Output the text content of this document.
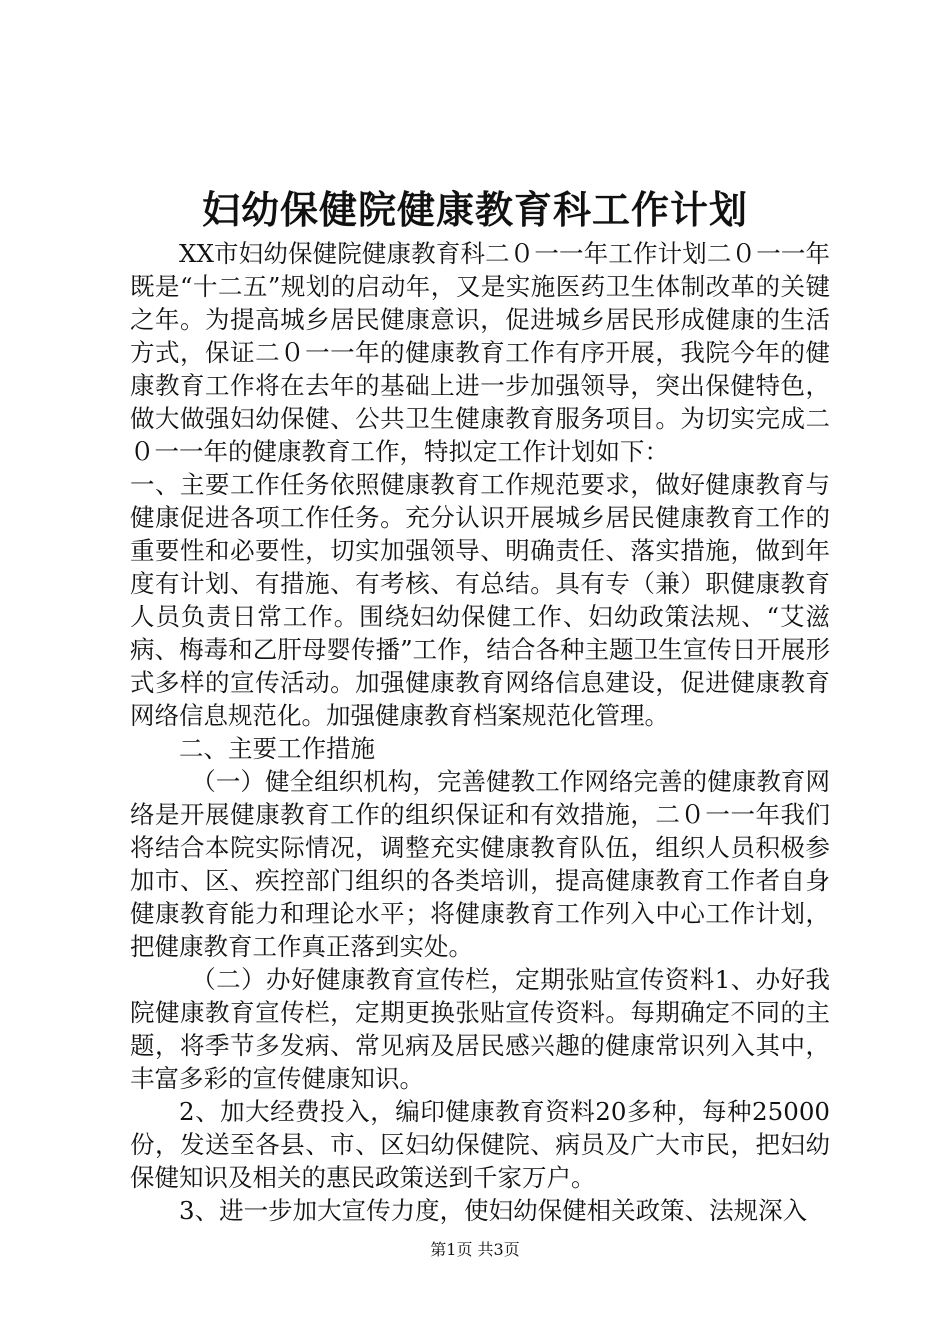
妇幼保健院健康教育科工作计划

XX市妇幼保健院健康教育科二０一一年工作计划二０一一年既是“十二五”规划的启动年，又是实施医药卫生体制改革的关键之年。为提高城乡居民健康意识，促进城乡居民形成健康的生活方式，保证二０一一年的健康教育工作有序开展，我院今年的健康教育工作将在去年的基础上进一步加强领导，突出保健特色，做大做强妇幼保健、公共卫生健康教育服务项目。为切实完成二０一一年的健康教育工作，特拟定工作计划如下：

一、主要工作任务依照健康教育工作规范要求，做好健康教育与健康促进各项工作任务。充分认识开展城乡居民健康教育工作的重要性和必要性，切实加强领导、明确责任、落实措施，做到年度有计划、有措施、有考核、有总结。具有专（兼）职健康教育人员负责日常工作。围绕妇幼保健工作、妇幼政策法规、“艾滋病、梅毒和乙肝母婴传播”工作，结合各种主题卫生宣传日开展形式多样的宣传活动。加强健康教育网络信息建设，促进健康教育网络信息规范化。加强健康教育档案规范化管理。

二、主要工作措施

（一）健全组织机构，完善健教工作网络完善的健康教育网络是开展健康教育工作的组织保证和有效措施，二０一一年我们将结合本院实际情况，调整充实健康教育队伍，组织人员积极参加市、区、疾控部门组织的各类培训，提高健康教育工作者自身健康教育能力和理论水平；将健康教育工作列入中心工作计划，把健康教育工作真正落到实处。

（二）办好健康教育宣传栏，定期张贴宣传资料1、办好我院健康教育宣传栏，定期更换张贴宣传资料。每期确定不同的主题，将季节多发病、常见病及居民感兴趣的健康常识列入其中，丰富多彩的宣传健康知识。

2、加大经费投入，编印健康教育资料20多种，每种25000份，发送至各县、市、区妇幼保健院、病员及广大市民，把妇幼保健知识及相关的惠民政策送到千家万户。

3、进一步加大宣传力度，使妇幼保健相关政策、法规深入

第1页 共3页
